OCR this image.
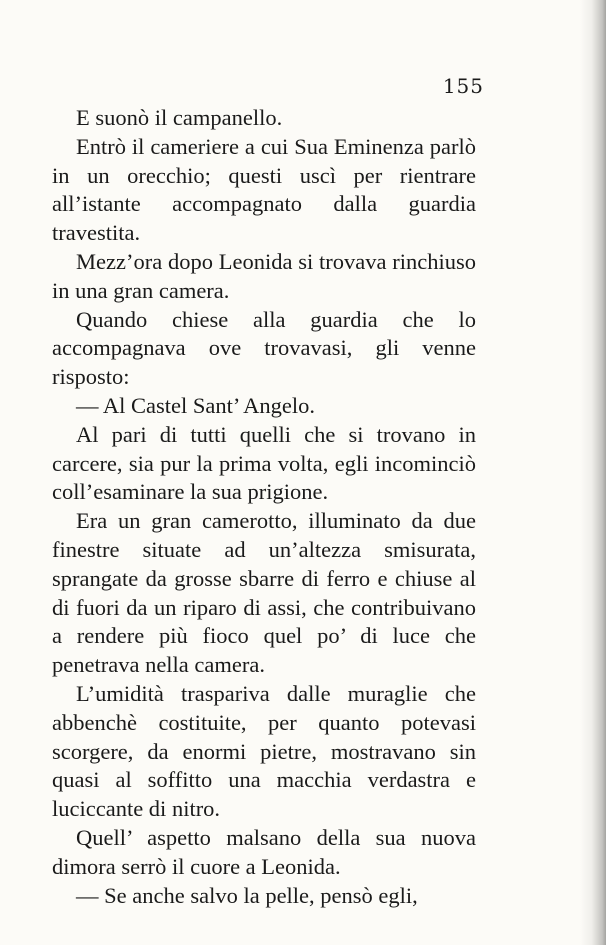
155

E suonò il campanello.

Entrò il cameriere a cui Sua Eminenza parlò in un orecchio; questi uscì per rientrare all’istante accompagnato dalla guardia travestita.

Mezz’ora dopo Leonida si trovava rinchiuso in una gran camera.

Quando chiese alla guardia che lo accompagnava ove trovavasi, gli venne risposto:

— Al Castel Sant’ Angelo.

Al pari di tutti quelli che si trovano in carcere, sia pur la prima volta, egli incominciò coll’esaminare la sua prigione.

Era un gran camerotto, illuminato da due finestre situate ad un’altezza smisurata, sprangate da grosse sbarre di ferro e chiuse al di fuori da un riparo di assi, che contribuivano a rendere più fioco quel po’ di luce che penetrava nella camera.

L’umidità traspariva dalle muraglie che abbenchè costituite, per quanto potevasi scorgere, da enormi pietre, mostravano sin quasi al soffitto una macchia verdastra e luciccante di nitro.

Quell’ aspetto malsano della sua nuova dimora serrò il cuore a Leonida.

— Se anche salvo la pelle, pensò egli,
